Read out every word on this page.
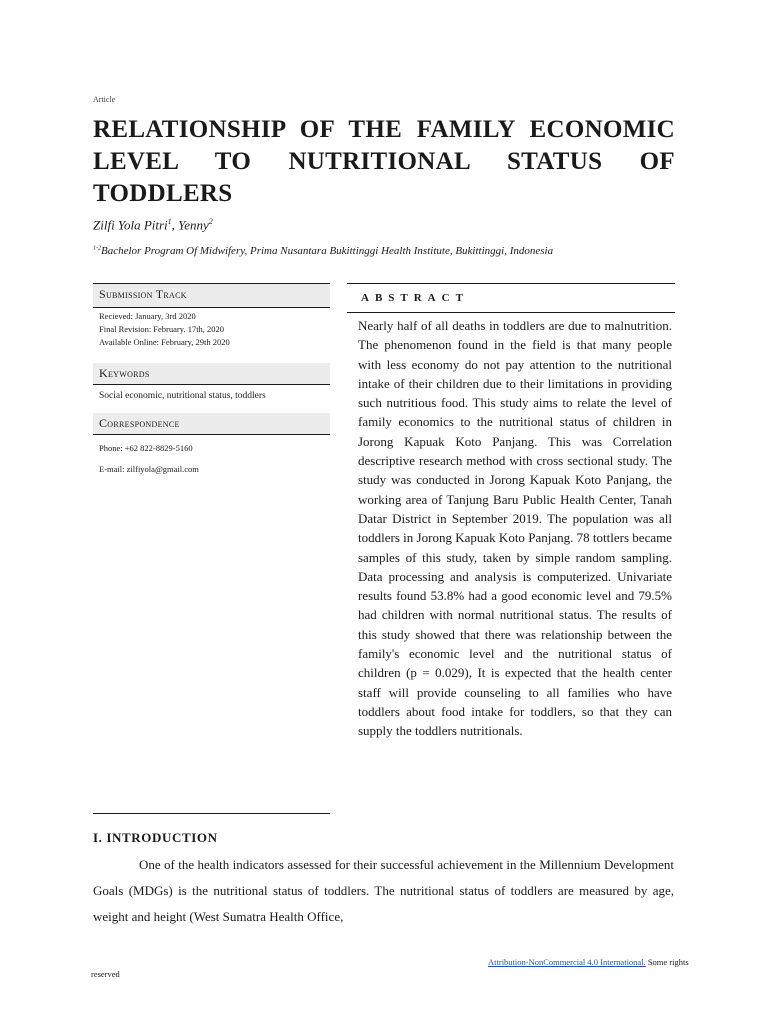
Article
RELATIONSHIP OF THE FAMILY ECONOMIC
LEVEL TO NUTRITIONAL STATUS OF
TODDLERS
Zilfi Yola Pitri$^1$, Yenny$^2$
$^{1-2}$Bachelor Program Of Midwifery, Prima Nusantara Bukittinggi Health Institute, Bukittinggi, Indonesia
Submission Track
Recieved: January, 3rd 2020
Final Revision: February. 17th, 2020
Available Online: February, 29th 2020
Keywords
Social economic, nutritional status, toddlers
Correspondence
Phone: +62 822-8829-5160
E-mail: zilfiyola@gmail.com
ABSTRACT
Nearly half of all deaths in toddlers are due to malnutrition. The phenomenon found in the field is that many people with less economy do not pay attention to the nutritional intake of their children due to their limitations in providing such nutritious food. This study aims to relate the level of family economics to the nutritional status of children in Jorong Kapuak Koto Panjang. This was Correlation descriptive research method with cross sectional study. The study was conducted in Jorong Kapuak Koto Panjang, the working area of Tanjung Baru Public Health Center, Tanah Datar District in September 2019. The population was all toddlers in Jorong Kapuak Koto Panjang. 78 tottlers became samples of this study, taken by simple random sampling. Data processing and analysis is computerized. Univariate results found 53.8% had a good economic level and 79.5% had children with normal nutritional status. The results of this study showed that there was relationship between the family's economic level and the nutritional status of children (p = 0.029), It is expected that the health center staff will provide counseling to all families who have toddlers about food intake for toddlers, so that they can supply the toddlers nutritionals.
I. INTRODUCTION
One of the health indicators assessed for their successful achievement in the Millennium Development Goals (MDGs) is the nutritional status of toddlers. The nutritional status of toddlers are measured by age, weight and height (West Sumatra Health Office,
Attribution-NonCommercial 4.0 International. Some rights
reserved
